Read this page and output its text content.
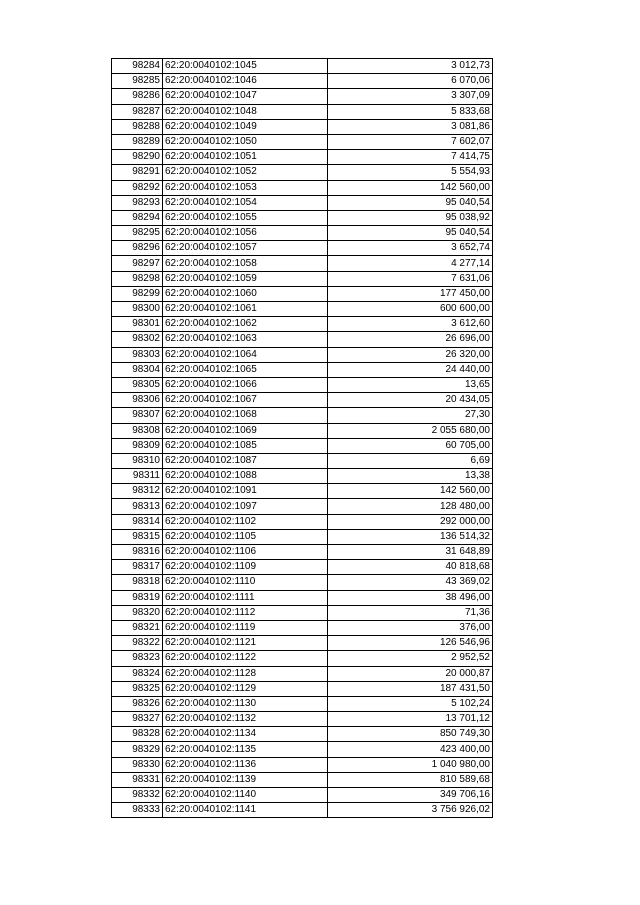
98284	62:20:0040102:1045	3 012,73
98285	62:20:0040102:1046	6 070,06
98286	62:20:0040102:1047	3 307,09
98287	62:20:0040102:1048	5 833,68
98288	62:20:0040102:1049	3 081,86
98289	62:20:0040102:1050	7 602,07
98290	62:20:0040102:1051	7 414,75
98291	62:20:0040102:1052	5 554,93
98292	62:20:0040102:1053	142 560,00
98293	62:20:0040102:1054	95 040,54
98294	62:20:0040102:1055	95 038,92
98295	62:20:0040102:1056	95 040,54
98296	62:20:0040102:1057	3 652,74
98297	62:20:0040102:1058	4 277,14
98298	62:20:0040102:1059	7 631,06
98299	62:20:0040102:1060	177 450,00
98300	62:20:0040102:1061	600 600,00
98301	62:20:0040102:1062	3 612,60
98302	62:20:0040102:1063	26 696,00
98303	62:20:0040102:1064	26 320,00
98304	62:20:0040102:1065	24 440,00
98305	62:20:0040102:1066	13,65
98306	62:20:0040102:1067	20 434,05
98307	62:20:0040102:1068	27,30
98308	62:20:0040102:1069	2 055 680,00
98309	62:20:0040102:1085	60 705,00
98310	62:20:0040102:1087	6,69
98311	62:20:0040102:1088	13,38
98312	62:20:0040102:1091	142 560,00
98313	62:20:0040102:1097	128 480,00
98314	62:20:0040102:1102	292 000,00
98315	62:20:0040102:1105	136 514,32
98316	62:20:0040102:1106	31 648,89
98317	62:20:0040102:1109	40 818,68
98318	62:20:0040102:1110	43 369,02
98319	62:20:0040102:1111	38 496,00
98320	62:20:0040102:1112	71,36
98321	62:20:0040102:1119	376,00
98322	62:20:0040102:1121	126 546,96
98323	62:20:0040102:1122	2 952,52
98324	62:20:0040102:1128	20 000,87
98325	62:20:0040102:1129	187 431,50
98326	62:20:0040102:1130	5 102,24
98327	62:20:0040102:1132	13 701,12
98328	62:20:0040102:1134	850 749,30
98329	62:20:0040102:1135	423 400,00
98330	62:20:0040102:1136	1 040 980,00
98331	62:20:0040102:1139	810 589,68
98332	62:20:0040102:1140	349 706,16
98333	62:20:0040102:1141	3 756 926,02
